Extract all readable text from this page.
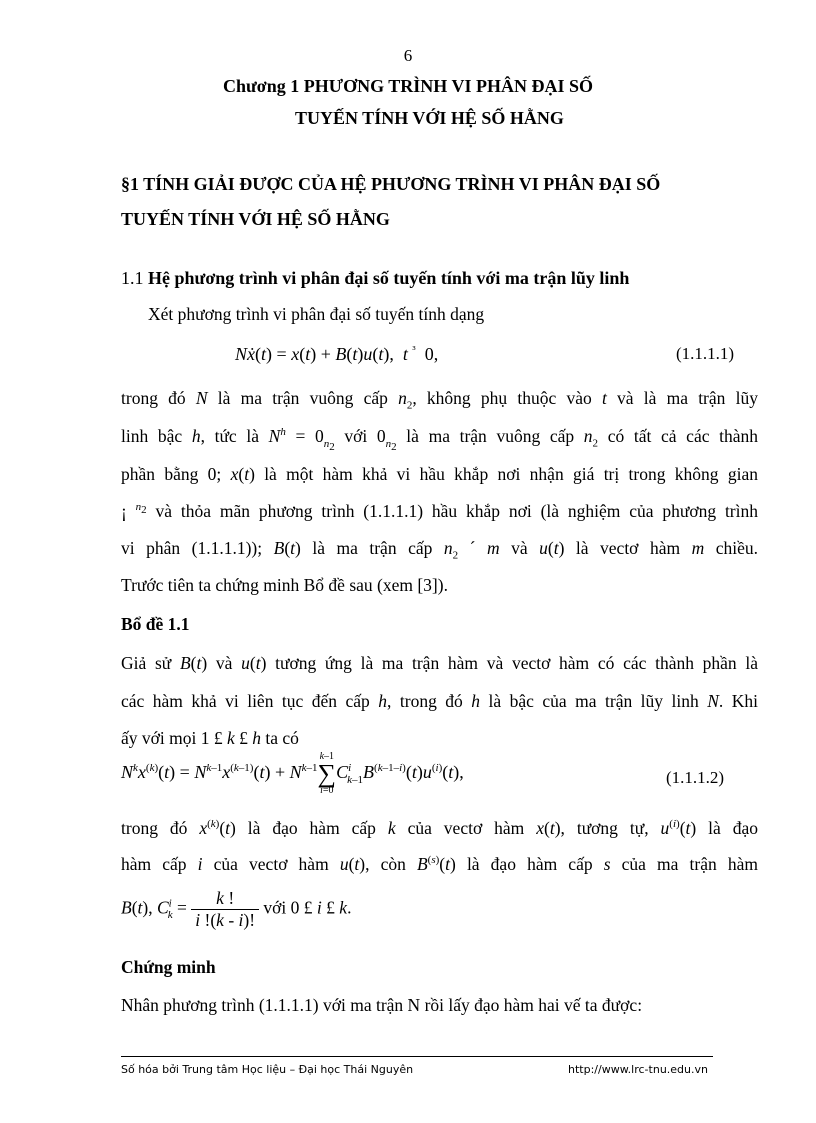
6
Chương 1 PHƯƠNG TRÌNH VI PHÂN ĐẠI SỐ
TUYẾN TÍNH VỚI HỆ SỐ HẰNG
§1 TÍNH GIẢI ĐƯỢC CỦA HỆ PHƯƠNG TRÌNH VI PHÂN ĐẠI SỐ
TUYẾN TÍNH VỚI HỆ SỐ HẰNG
1.1 Hệ phương trình vi phân đại số tuyến tính với ma trận lũy linh
Xét phương trình vi phân đại số tuyến tính dạng
Nẋ(t) = x(t) + B(t)u(t),  t $^{^3}$  0,	(1.1.1.1)
trong đó N là ma trận vuông cấp $n_2$, không phụ thuộc vào t và là ma trận lũy
linh bậc h, tức là $N^h = 0_{n_2}$ với $0_{n_2}$ là ma trận vuông cấp $n_2$ có tất cả các thành
phần bằng 0; x(t) là một hàm khả vi hầu khắp nơi nhận giá trị trong không gian
¡ $^{n_2}$ và thỏa mãn phương trình (1.1.1.1) hầu khắp nơi (là nghiệm của phương trình
vi phân (1.1.1.1)); B(t) là ma trận cấp $n_2$ ´ m và u(t) là vectơ hàm m chiều.
Trước tiên ta chứng minh Bổ đề sau (xem [3]).
Bổ đề 1.1
Giả sử B(t) và u(t) tương ứng là ma trận hàm và vectơ hàm có các thành phần là
các hàm khả vi liên tục đến cấp h, trong đó h là bậc của ma trận lũy linh N. Khi
ấy với mọi 1 £ k £ h ta có
$N^kx^{(k)}(t) = N^{k-1}x^{(k-1)}(t) + N^{k-1}$
k–1
∑
i=0
$C^i_{k-1}B^{(k-1-i)}(t)u^{(i)}(t)$,	(1.1.1.2)
trong đó $x^{(k)}(t)$ là đạo hàm cấp k của vectơ hàm x(t), tương tự, $u^{(i)}(t)$ là đạo
hàm cấp i của vectơ hàm u(t), còn $B^{(s)}(t)$ là đạo hàm cấp s của ma trận hàm
B(t), $C^i_k = \frac{k !}{i !(k - i)!}$ với 0 £ i £ k.
Chứng minh
Nhân phương trình (1.1.1.1) với ma trận N rồi lấy đạo hàm hai vế ta được:
Số hóa bởi Trung tâm Học liệu – Đại học Thái Nguyên	http://www.lrc-tnu.edu.vn
